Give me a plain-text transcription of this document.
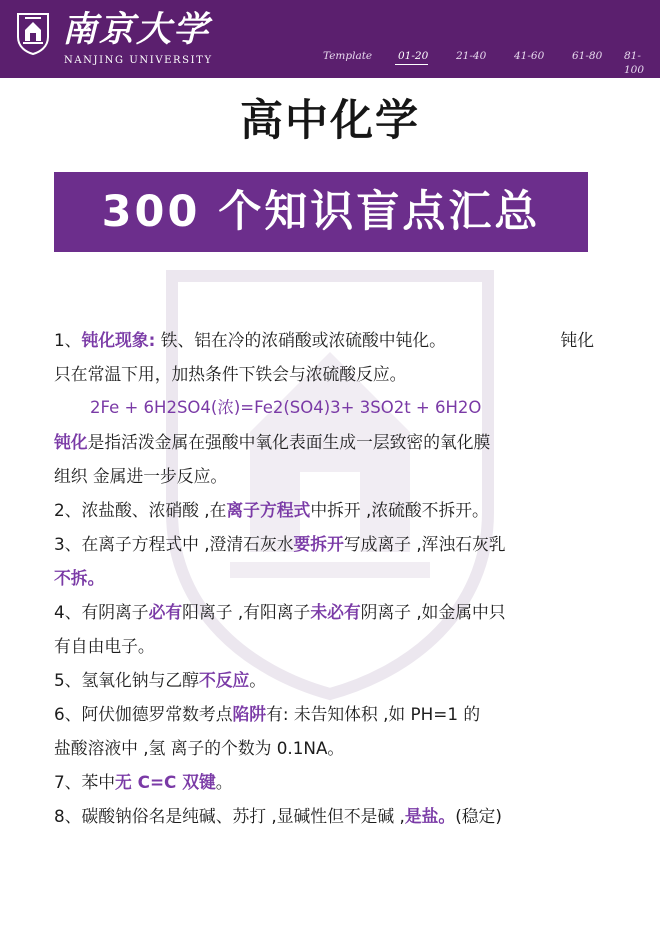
南京大学
NANJING UNIVERSITY	Template 01-20	21-40	41-60	61-80 81-100
高中化学
300 个知识盲点汇总
1、钝化现象: 铁、铝在冷的浓硝酸或浓硫酸中钝化。	钝化
只在常温下用，加热条件下铁会与浓硫酸反应。
2Fe + 6H2SO4(浓)=Fe2(SO4)3+ 3SO2t + 6H2O
钝化是指活泼金属在强酸中氧化表面生成一层致密的氧化膜
组织 金属进一步反应。
2、浓盐酸、浓硝酸 ,在离子方程式中拆开 ,浓硫酸不拆开。
3、在离子方程式中 ,澄清石灰水要拆开写成离子 ,浑浊石灰乳
不拆。
4、有阴离子必有阳离子 ,有阳离子未必有阴离子 ,如金属中只
有自由电子。
5、氢氧化钠与乙醇不反应。
6、阿伏伽德罗常数考点陷阱有: 未告知体积 ,如 PH=1 的
盐酸溶液中 ,氢 离子的个数为 0.1NA。
7、苯中无 C=C 双键。
8、碳酸钠俗名是纯碱、苏打 ,显碱性但不是碱 ,是盐。(稳定)
